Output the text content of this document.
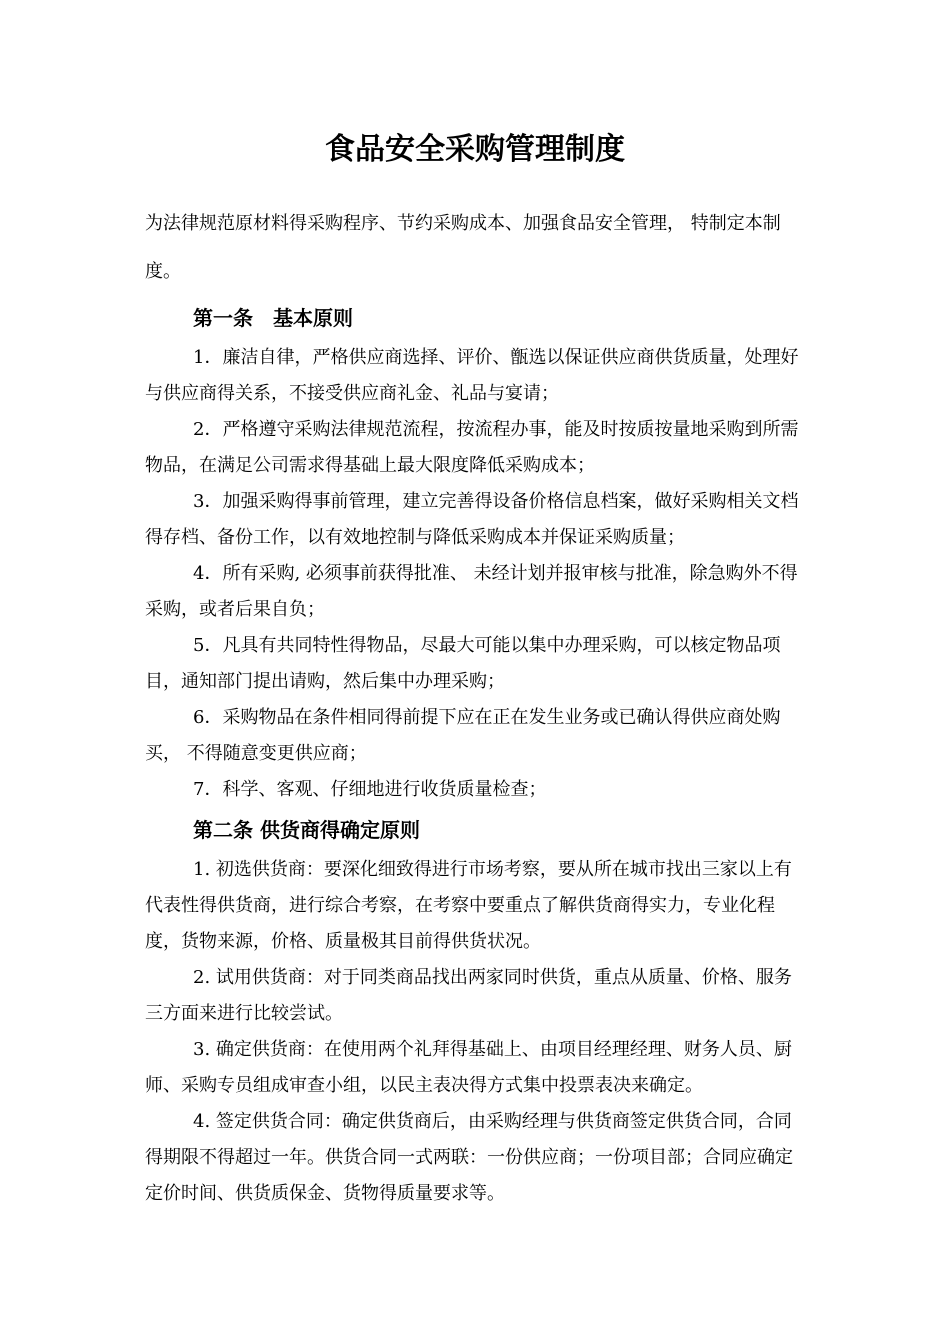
食品安全采购管理制度

为法律规范原材料得采购程序、节约采购成本、加强食品安全管理， 特制定本制度。

第一条　基本原则

1．廉洁自律，严格供应商选择、评价、甑选以保证供应商供货质量，处理好与供应商得关系，不接受供应商礼金、礼品与宴请；

2．严格遵守采购法律规范流程，按流程办事，能及时按质按量地采购到所需物品，在满足公司需求得基础上最大限度降低采购成本；

3．加强采购得事前管理，建立完善得设备价格信息档案，做好采购相关文档得存档、备份工作，以有效地控制与降低采购成本并保证采购质量；

4．所有采购, 必须事前获得批准、 未经计划并报审核与批准，除急购外不得采购，或者后果自负；

5．凡具有共同特性得物品，尽最大可能以集中办理采购，可以核定物品项目，通知部门提出请购，然后集中办理采购；

6．采购物品在条件相同得前提下应在正在发生业务或已确认得供应商处购买， 不得随意变更供应商；

7．科学、客观、仔细地进行收货质量检查；

第二条 供货商得确定原则

1. 初选供货商：要深化细致得进行市场考察，要从所在城市找出三家以上有代表性得供货商，进行综合考察，在考察中要重点了解供货商得实力，专业化程度，货物来源，价格、质量极其目前得供货状况。

2. 试用供货商：对于同类商品找出两家同时供货，重点从质量、价格、服务三方面来进行比较尝试。

3. 确定供货商：在使用两个礼拜得基础上、由项目经理经理、财务人员、厨师、采购专员组成审查小组，以民主表决得方式集中投票表决来确定。

4. 签定供货合同：确定供货商后，由采购经理与供货商签定供货合同，合同得期限不得超过一年。供货合同一式两联：一份供应商；一份项目部；合同应确定定价时间、供货质保金、货物得质量要求等。
